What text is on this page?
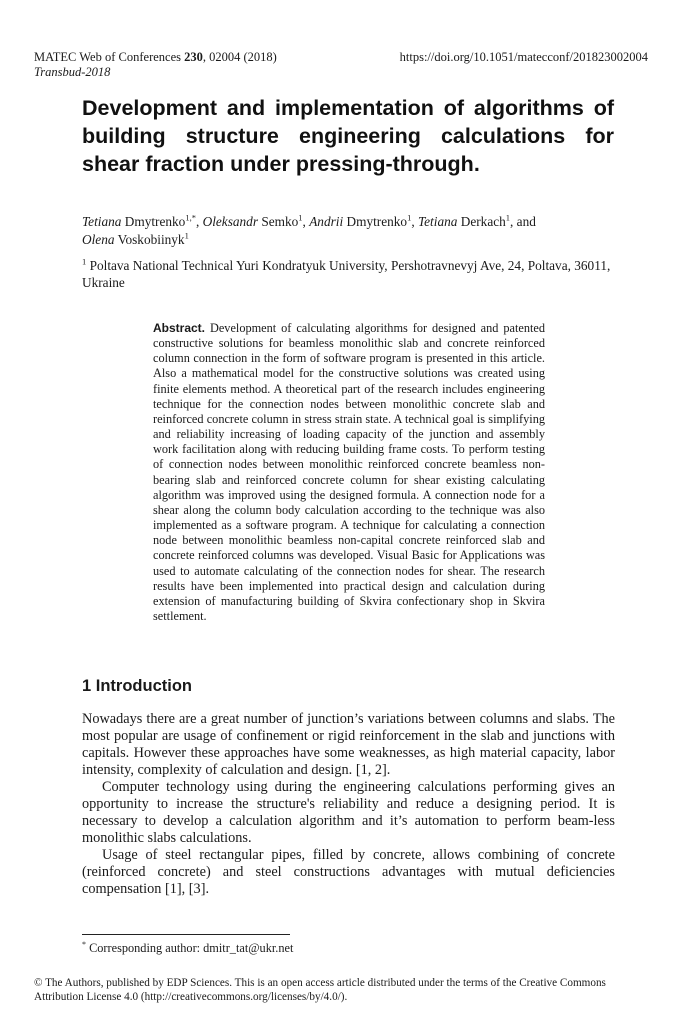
MATEC Web of Conferences 230, 02004 (2018)	https://doi.org/10.1051/matecconf/201823002004
Transbud-2018
Development and implementation of algorithms of building structure engineering calculations for shear fraction under pressing-through.
Tetiana Dmytrenko$^{1,*}$, Oleksandr Semko$^1$, Andrii Dmytrenko$^1$, Tetiana Derkach$^1$, and
Olena Voskobiinyk$^1$
$^1$ Poltava National Technical Yuri Kondratyuk University, Pershotravnevyj Ave, 24, Poltava, 36011, Ukraine
Abstract. Development of calculating algorithms for designed and patented constructive solutions for beamless monolithic slab and concrete reinforced column connection in the form of software program is presented in this article. Also a mathematical model for the constructive solutions was created using finite elements method. A theoretical part of the research includes engineering technique for the connection nodes between monolithic concrete slab and reinforced concrete column in stress strain state. A technical goal is simplifying and reliability increasing of loading capacity of the junction and assembly work facilitation along with reducing building frame costs. To perform testing of connection nodes between monolithic reinforced concrete beamless non-bearing slab and reinforced concrete column for shear existing calculating algorithm was improved using the designed formula. A connection node for a shear along the column body calculation according to the technique was also implemented as a software program. A technique for calculating a connection node between monolithic beamless non-capital concrete reinforced slab and concrete reinforced columns was developed. Visual Basic for Applications was used to automate calculating of the connection nodes for shear. The research results have been implemented into practical design and calculation during extension of manufacturing building of Skvira confectionary shop in Skvira settlement.
1 Introduction

Nowadays there are a great number of junction’s variations between columns and slabs. The most popular are usage of confinement or rigid reinforcement in the slab and junctions with capitals. However these approaches have some weaknesses, as high material capacity, labor intensity, complexity of calculation and design. [1, 2].

Computer technology using during the engineering calculations performing gives an opportunity to increase the structure's reliability and reduce a designing period. It is necessary to develop a calculation algorithm and it’s automation to perform beam-less monolithic slabs calculations.

Usage of steel rectangular pipes, filled by concrete, allows combining of concrete (reinforced concrete) and steel constructions advantages with mutual deficiencies compensation [1], [3].

* Corresponding author: dmitr_tat@ukr.net
© The Authors, published by EDP Sciences. This is an open access article distributed under the terms of the Creative Commons Attribution License 4.0 (http://creativecommons.org/licenses/by/4.0/).
